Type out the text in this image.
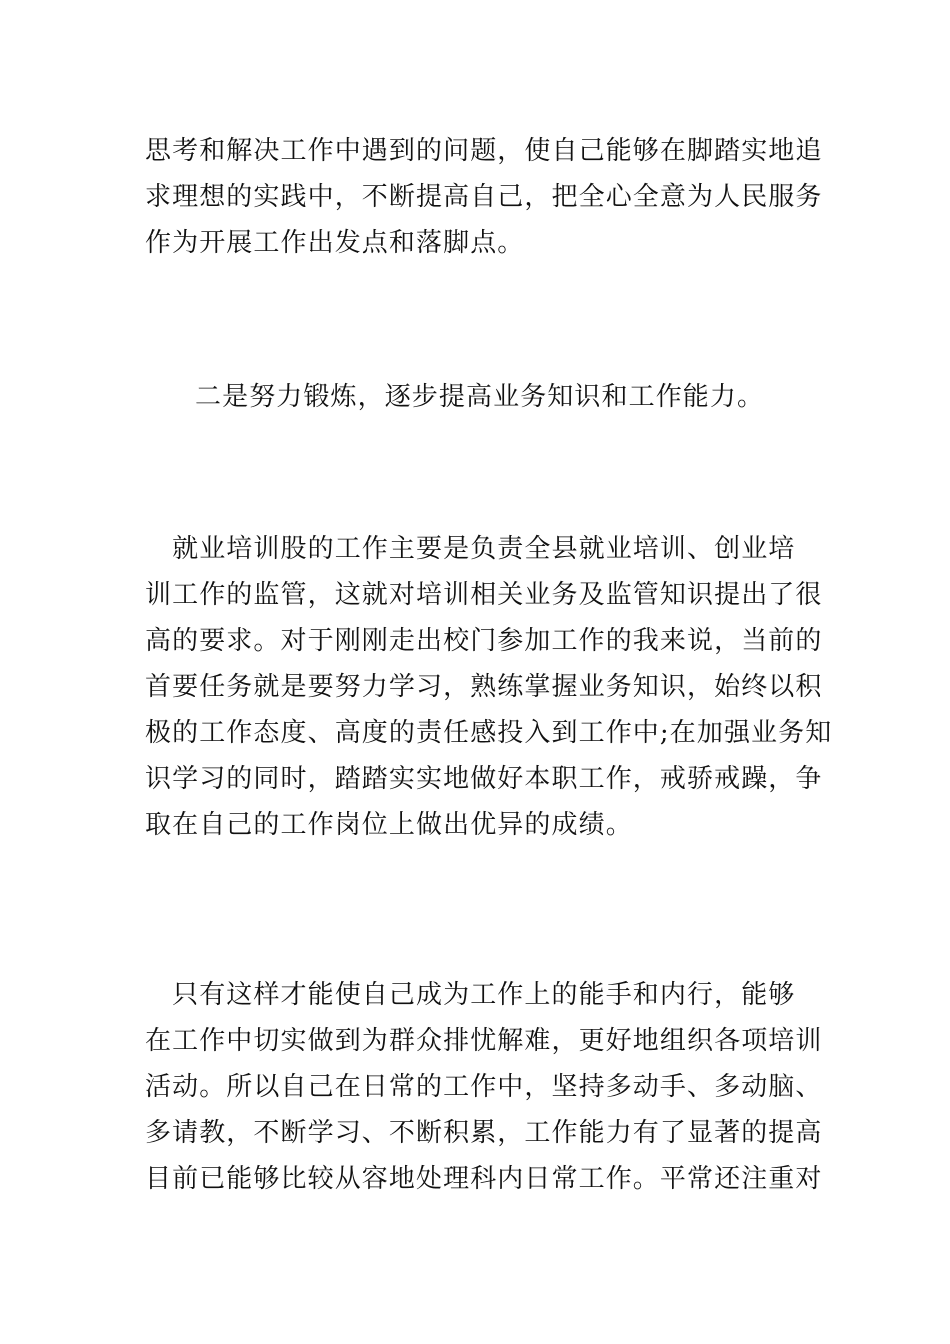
思考和解决工作中遇到的问题，使自己能够在脚踏实地追
求理想的实践中，不断提高自己，把全心全意为人民服务
作为开展工作出发点和落脚点。

二是努力锻炼，逐步提高业务知识和工作能力。

　就业培训股的工作主要是负责全县就业培训、创业培
训工作的监管，这就对培训相关业务及监管知识提出了很
高的要求。对于刚刚走出校门参加工作的我来说，当前的
首要任务就是要努力学习，熟练掌握业务知识，始终以积
极的工作态度、高度的责任感投入到工作中;在加强业务知
识学习的同时，踏踏实实地做好本职工作，戒骄戒躁，争
取在自己的工作岗位上做出优异的成绩。

　只有这样才能使自己成为工作上的能手和内行，能够
在工作中切实做到为群众排忧解难，更好地组织各项培训
活动。所以自己在日常的工作中，坚持多动手、多动脑、
多请教，不断学习、不断积累，工作能力有了显著的提高
目前已能够比较从容地处理科内日常工作。平常还注重对
